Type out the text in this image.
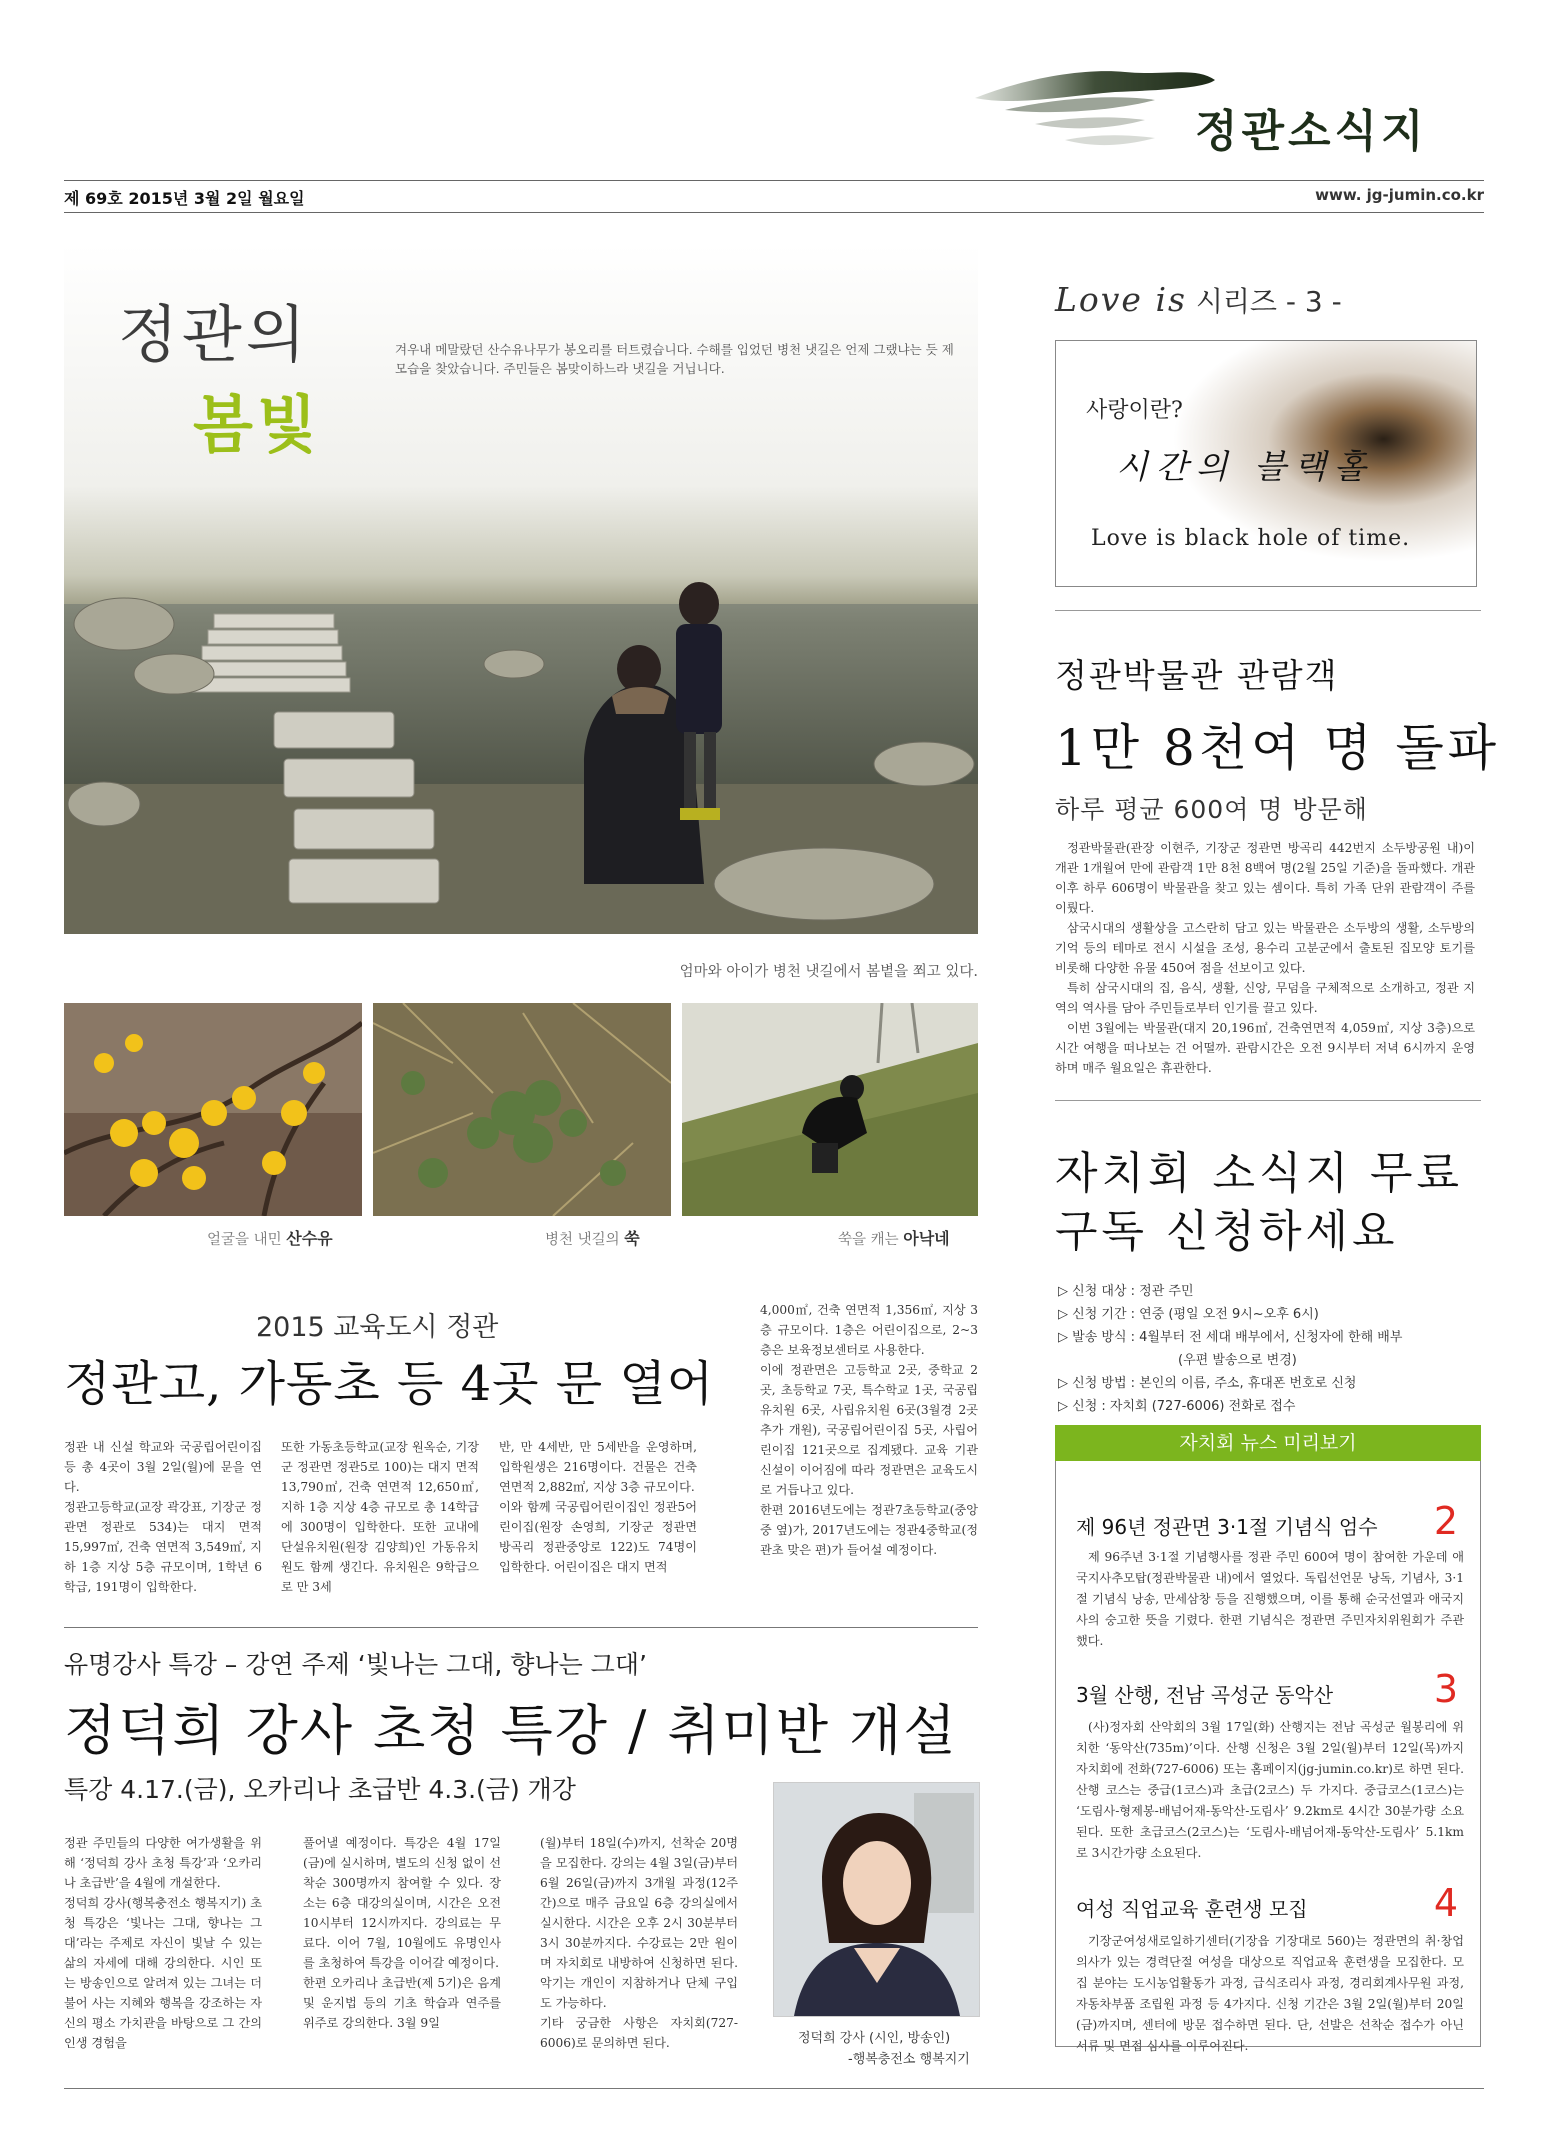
정관소식지
제 69호 2015년 3월 2일 월요일	www. jg-jumin.co.kr
정관의
봄빛
겨우내 메말랐던 산수유나무가 봉오리를 터트렸습니다. 수해를 입었던 병천 냇길은 언제 그랬냐는 듯 제 모습을 찾았습니다. 주민들은 봄맞이하느라 냇길을 거닙니다.
엄마와 아이가 병천 냇길에서 봄볕을 쬐고 있다.
얼굴을 내민 산수유	병천 냇길의 쑥	쑥을 캐는 아낙네
2015 교육도시 정관
정관고, 가동초 등 4곳 문 열어
정관 내 신설 학교와 국공립어린이집 등 총 4곳이 3월 2일(월)에 문을 연다.
정관고등학교(교장 곽강표, 기장군 정관면 정관로 534)는 대지 면적 15,997㎡, 건축 연면적 3,549㎡, 지하 1층 지상 5층 규모이며, 1학년 6학급, 191명이 입학한다.
또한 가동초등학교(교장 원옥순, 기장군 정관면 정관5로 100)는 대지 면적 13,790㎡, 건축 연면적 12,650㎡, 지하 1층 지상 4층 규모로 총 14학급에 300명이 입학한다. 또한 교내에 단설유치원(원장 김양희)인 가동유치원도 함께 생긴다. 유치원은 9학급으로 만 3세
반, 만 4세반, 만 5세반을 운영하며, 입학원생은 216명이다. 건물은 건축 연면적 2,882㎡, 지상 3층 규모이다.
이와 함께 국공립어린이집인 정관5어린이집(원장 손영희, 기장군 정관면 방곡리 정관중앙로 122)도 74명이 입학한다. 어린이집은 대지 면적
4,000㎡, 건축 연면적 1,356㎡, 지상 3층 규모이다. 1층은 어린이집으로, 2~3층은 보육정보센터로 사용한다.
이에 정관면은 고등학교 2곳, 중학교 2곳, 초등학교 7곳, 특수학교 1곳, 국공립유치원 6곳, 사립유치원 6곳(3월경 2곳 추가 개원), 국공립어린이집 5곳, 사립어린이집 121곳으로 집계됐다. 교육 기관 신설이 이어짐에 따라 정관면은 교육도시로 거듭나고 있다.
한편 2016년도에는 정관7초등학교(중앙중 옆)가, 2017년도에는 정관4중학교(정관초 맞은 편)가 들어설 예정이다.
유명강사 특강 – 강연 주제 ‘빛나는 그대, 향나는 그대’
정덕희 강사 초청 특강 / 취미반 개설
특강 4.17.(금), 오카리나 초급반 4.3.(금) 개강
정관 주민들의 다양한 여가생활을 위해 ‘정덕희 강사 초청 특강’과 ‘오카리나 초급반’을 4월에 개설한다.
정덕희 강사(행복충전소 행복지기) 초청 특강은 ‘빛나는 그대, 향나는 그대’라는 주제로 자신이 빛날 수 있는 삶의 자세에 대해 강의한다. 시인 또는 방송인으로 알려져 있는 그녀는 더불어 사는 지혜와 행복을 강조하는 자신의 평소 가치관을 바탕으로 그 간의 인생 경험을
풀어낼 예정이다. 특강은 4월 17일(금)에 실시하며, 별도의 신청 없이 선착순 300명까지 참여할 수 있다. 장소는 6층 대강의실이며, 시간은 오전 10시부터 12시까지다. 강의료는 무료다. 이어 7월, 10월에도 유명인사를 초청하여 특강을 이어갈 예정이다.
한편 오카리나 초급반(제 5기)은 음계 및 운지법 등의 기초 학습과 연주를 위주로 강의한다. 3월 9일
(월)부터 18일(수)까지, 선착순 20명을 모집한다. 강의는 4월 3일(금)부터 6월 26일(금)까지 3개월 과정(12주간)으로 매주 금요일 6층 강의실에서 실시한다. 시간은 오후 2시 30분부터 3시 30분까지다. 수강료는 2만 원이며 자치회로 내방하여 신청하면 된다. 악기는 개인이 지참하거나 단체 구입도 가능하다.
기타 궁금한 사항은 자치회(727-6006)로 문의하면 된다.	정덕희 강사 (시인, 방송인)
-행복충전소 행복지기
Love is 시리즈 - 3 -
사랑이란?
시간의 블랙홀
Love is black hole of time.
정관박물관 관람객
1만 8천여 명 돌파
하루 평균 600여 명 방문해
정관박물관(관장 이현주, 기장군 정관면 방곡리 442번지 소두방공원 내)이 개관 1개월여 만에 관람객 1만 8천 8백여 명(2월 25일 기준)을 돌파했다. 개관 이후 하루 606명이 박물관을 찾고 있는 셈이다. 특히 가족 단위 관람객이 주를 이뤘다.
삼국시대의 생활상을 고스란히 담고 있는 박물관은 소두방의 생활, 소두방의 기억 등의 테마로 전시 시설을 조성, 용수리 고분군에서 출토된 집모양 토기를 비롯해 다양한 유물 450여 점을 선보이고 있다.
특히 삼국시대의 집, 음식, 생활, 신앙, 무덤을 구체적으로 소개하고, 정관 지역의 역사를 담아 주민들로부터 인기를 끌고 있다.
이번 3월에는 박물관(대지 20,196㎡, 건축연면적 4,059㎡, 지상 3층)으로 시간 여행을 떠나보는 건 어떨까. 관람시간은 오전 9시부터 저녁 6시까지 운영하며 매주 월요일은 휴관한다.
자치회 소식지 무료 구독 신청하세요
▷ 신청 대상 : 정관 주민
▷ 신청 기간 : 연중 (평일 오전 9시~오후 6시)
▷ 발송 방식 : 4월부터 전 세대 배부에서, 신청자에 한해 배부
(우편 발송으로 변경)
▷ 신청 방법 : 본인의 이름, 주소, 휴대폰 번호로 신청
▷ 신청 : 자치회 (727-6006) 전화로 접수
자치회 뉴스 미리보기
제 96년 정관면 3·1절 기념식 엄수 2
제 96주년 3·1절 기념행사를 정관 주민 600여 명이 참여한 가운데 애국지사추모탑(정관박물관 내)에서 열었다. 독립선언문 낭독, 기념사, 3·1절 기념식 낭송, 만세삼창 등을 진행했으며, 이를 통해 순국선열과 애국지사의 숭고한 뜻을 기렸다. 한편 기념식은 정관면 주민자치위원회가 주관했다.
3월 산행, 전남 곡성군 동악산	3
(사)정자회 산악회의 3월 17일(화) 산행지는 전남 곡성군 월봉리에 위치한 ‘동악산(735m)’이다. 산행 신청은 3월 2일(월)부터 12일(목)까지 자치회에 전화(727-6006) 또는 홈페이지(jg-jumin.co.kr)로 하면 된다. 산행 코스는 중급(1코스)과 초급(2코스) 두 가지다. 중급코스(1코스)는 ‘도림사-형제봉-배넘어재-동악산-도림사’ 9.2km로 4시간 30분가량 소요된다. 또한 초급코스(2코스)는 ‘도림사-배넘어재-동악산-도림사’ 5.1km로 3시간가량 소요된다.
여성 직업교육 훈련생 모집	4
기장군여성새로일하기센터(기장읍 기장대로 560)는 정관면의 취·창업의사가 있는 경력단절 여성을 대상으로 직업교육 훈련생을 모집한다. 모집 분야는 도시농업활동가 과정, 급식조리사 과정, 경리회계사무원 과정, 자동차부품 조립원 과정 등 4가지다. 신청 기간은 3월 2일(월)부터 20일(금)까지며, 센터에 방문 접수하면 된다. 단, 선발은 선착순 접수가 아닌 서류 및 면접 심사를 이루어진다.
